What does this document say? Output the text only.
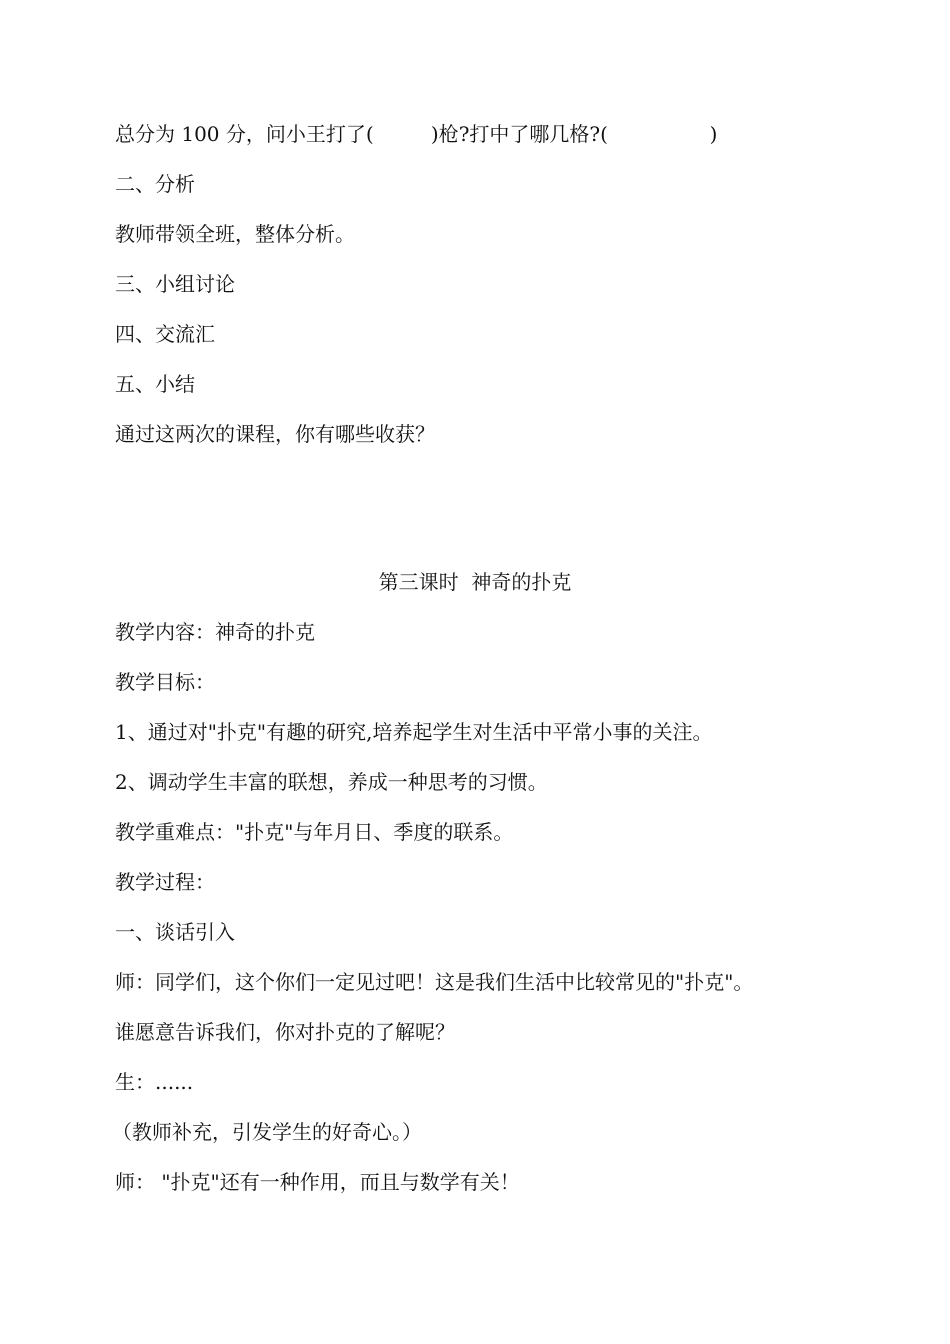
总分为 100 分，问小王打了(         )枪?打中了哪几格?(                )
二、分析
教师带领全班，整体分析。
三、小组讨论
四、交流汇
五、小结
通过这两次的课程，你有哪些收获？
第三课时  神奇的扑克
教学内容：神奇的扑克
教学目标：
1、通过对"扑克"有趣的研究,培养起学生对生活中平常小事的关注。
2、调动学生丰富的联想，养成一种思考的习惯。
教学重难点："扑克"与年月日、季度的联系。
教学过程：
一、谈话引入
师：同学们，这个你们一定见过吧！这是我们生活中比较常见的"扑克"。
谁愿意告诉我们，你对扑克的了解呢？
生：......
（教师补充，引发学生的好奇心。）
师： "扑克"还有一种作用，而且与数学有关！
